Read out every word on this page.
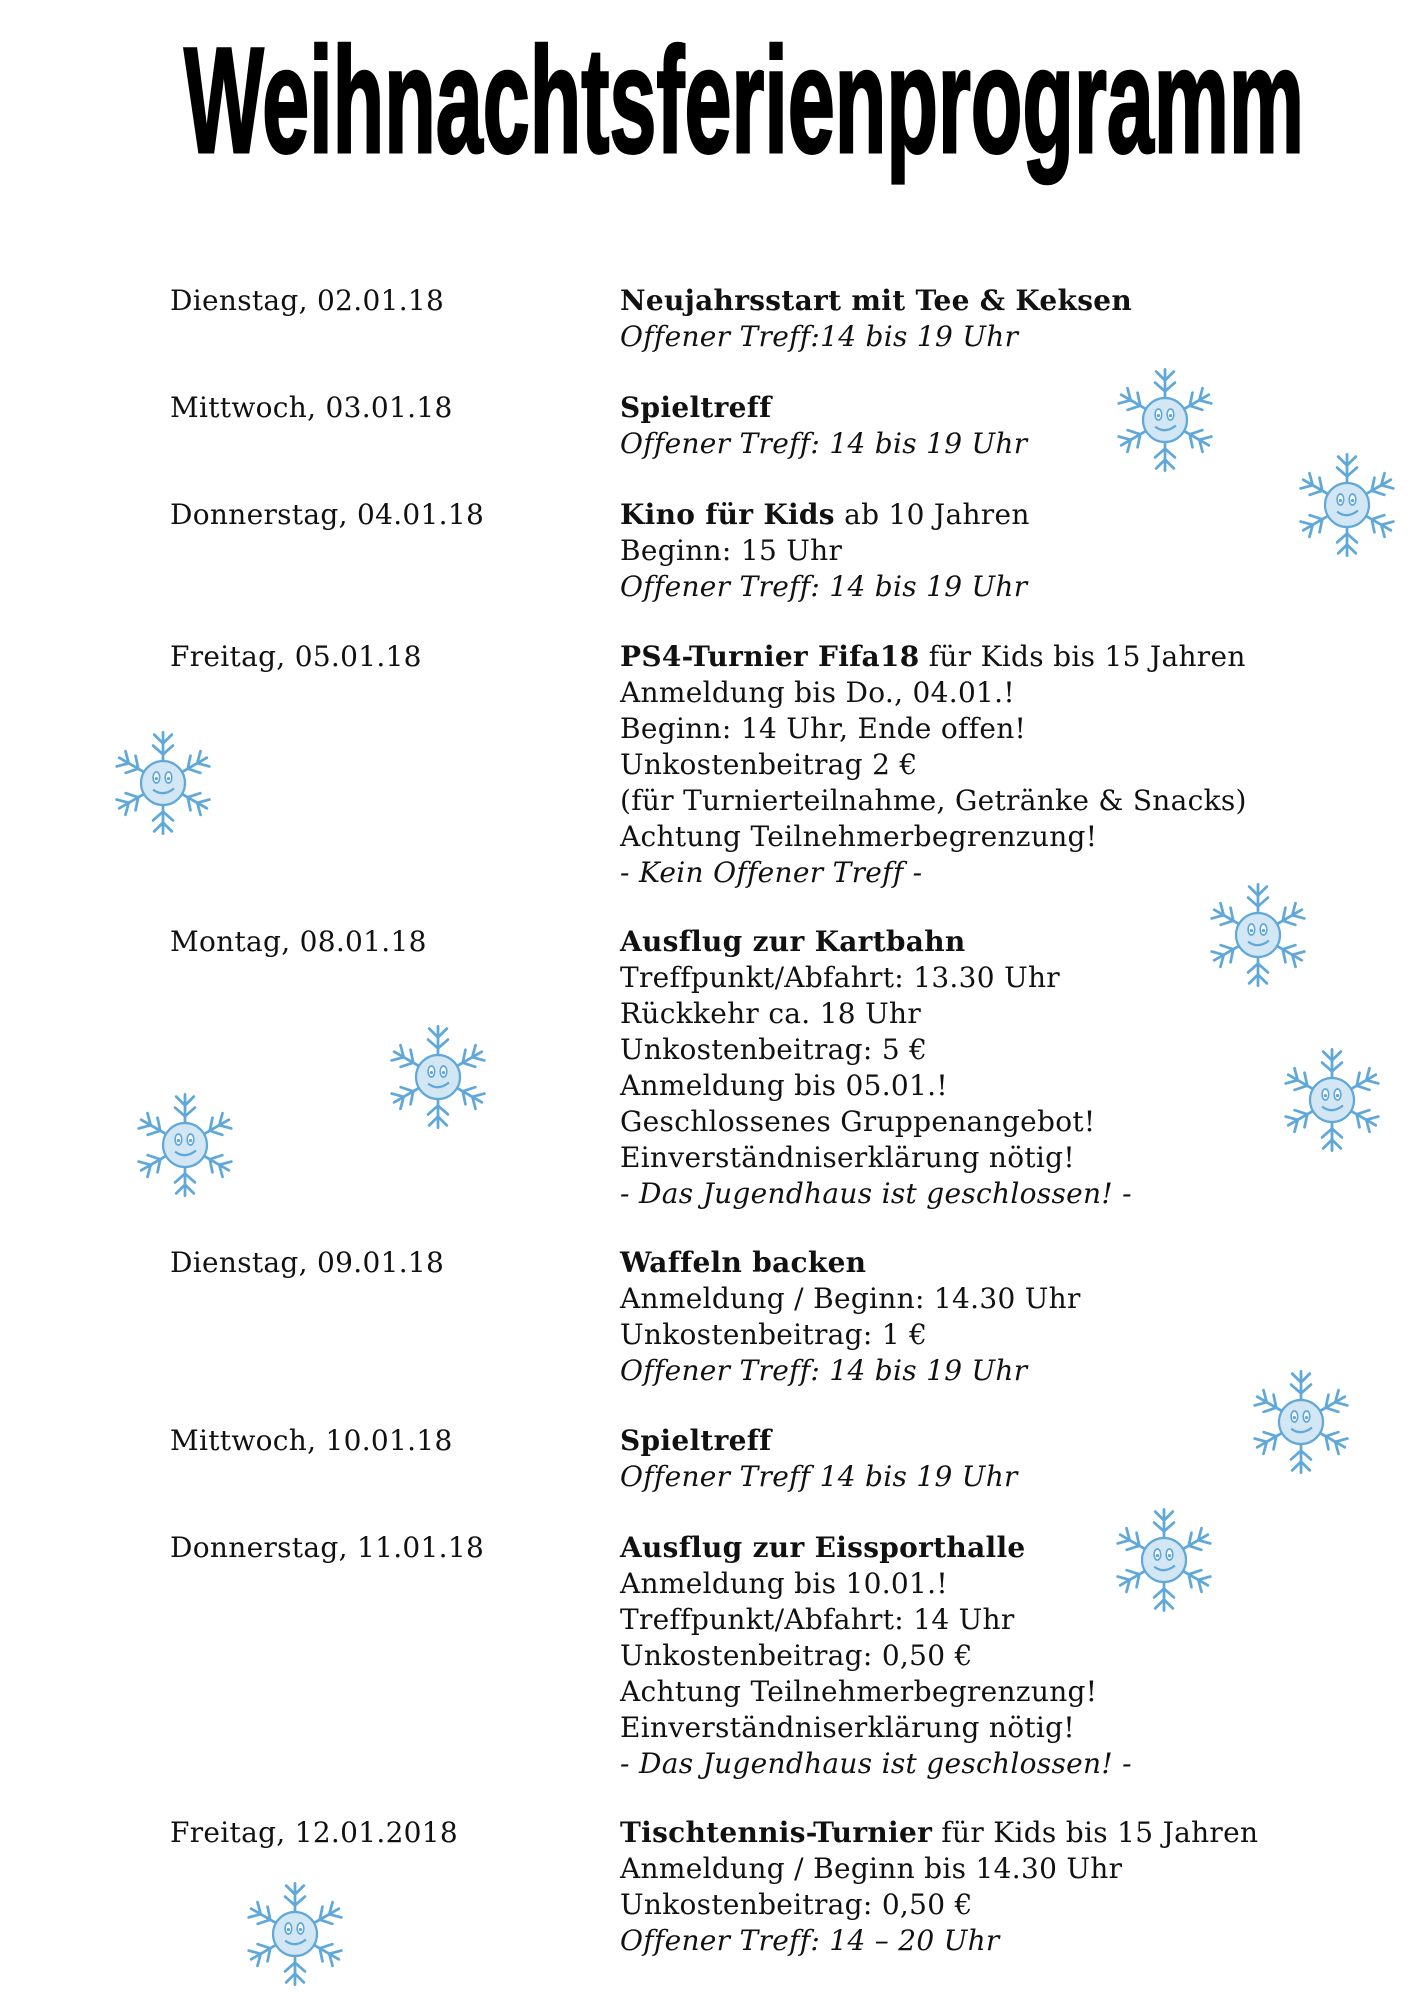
Weihnachtsferienprogramm
Dienstag, 02.01.18	Neujahrsstart mit Tee & Keksen
Offener Treff:14 bis 19 Uhr
Mittwoch, 03.01.18	Spieltreff
Offener Treff: 14 bis 19 Uhr
Donnerstag, 04.01.18	Kino für Kids ab 10 Jahren
Beginn: 15 Uhr
Offener Treff: 14 bis 19 Uhr
Freitag, 05.01.18	PS4-Turnier Fifa18 für Kids bis 15 Jahren
Anmeldung bis Do., 04.01.!
Beginn: 14 Uhr, Ende offen!
Unkostenbeitrag 2 €
(für Turnierteilnahme, Getränke & Snacks)
Achtung Teilnehmerbegrenzung!
- Kein Offener Treff -
Montag, 08.01.18	Ausflug zur Kartbahn
Treffpunkt/Abfahrt: 13.30 Uhr
Rückkehr ca. 18 Uhr
Unkostenbeitrag: 5 €
Anmeldung bis 05.01.!
Geschlossenes Gruppenangebot!
Einverständniserklärung nötig!
- Das Jugendhaus ist geschlossen! -
Dienstag, 09.01.18	Waffeln backen
Anmeldung / Beginn: 14.30 Uhr
Unkostenbeitrag: 1 €
Offener Treff: 14 bis 19 Uhr
Mittwoch, 10.01.18	Spieltreff
Offener Treff 14 bis 19 Uhr
Donnerstag, 11.01.18	Ausflug zur Eissporthalle
Anmeldung bis 10.01.!
Treffpunkt/Abfahrt: 14 Uhr
Unkostenbeitrag: 0,50 €
Achtung Teilnehmerbegrenzung!
Einverständniserklärung nötig!
- Das Jugendhaus ist geschlossen! -
Freitag, 12.01.2018	Tischtennis-Turnier für Kids bis 15 Jahren
Anmeldung / Beginn bis 14.30 Uhr
Unkostenbeitrag: 0,50 €
Offener Treff: 14 – 20 Uhr
